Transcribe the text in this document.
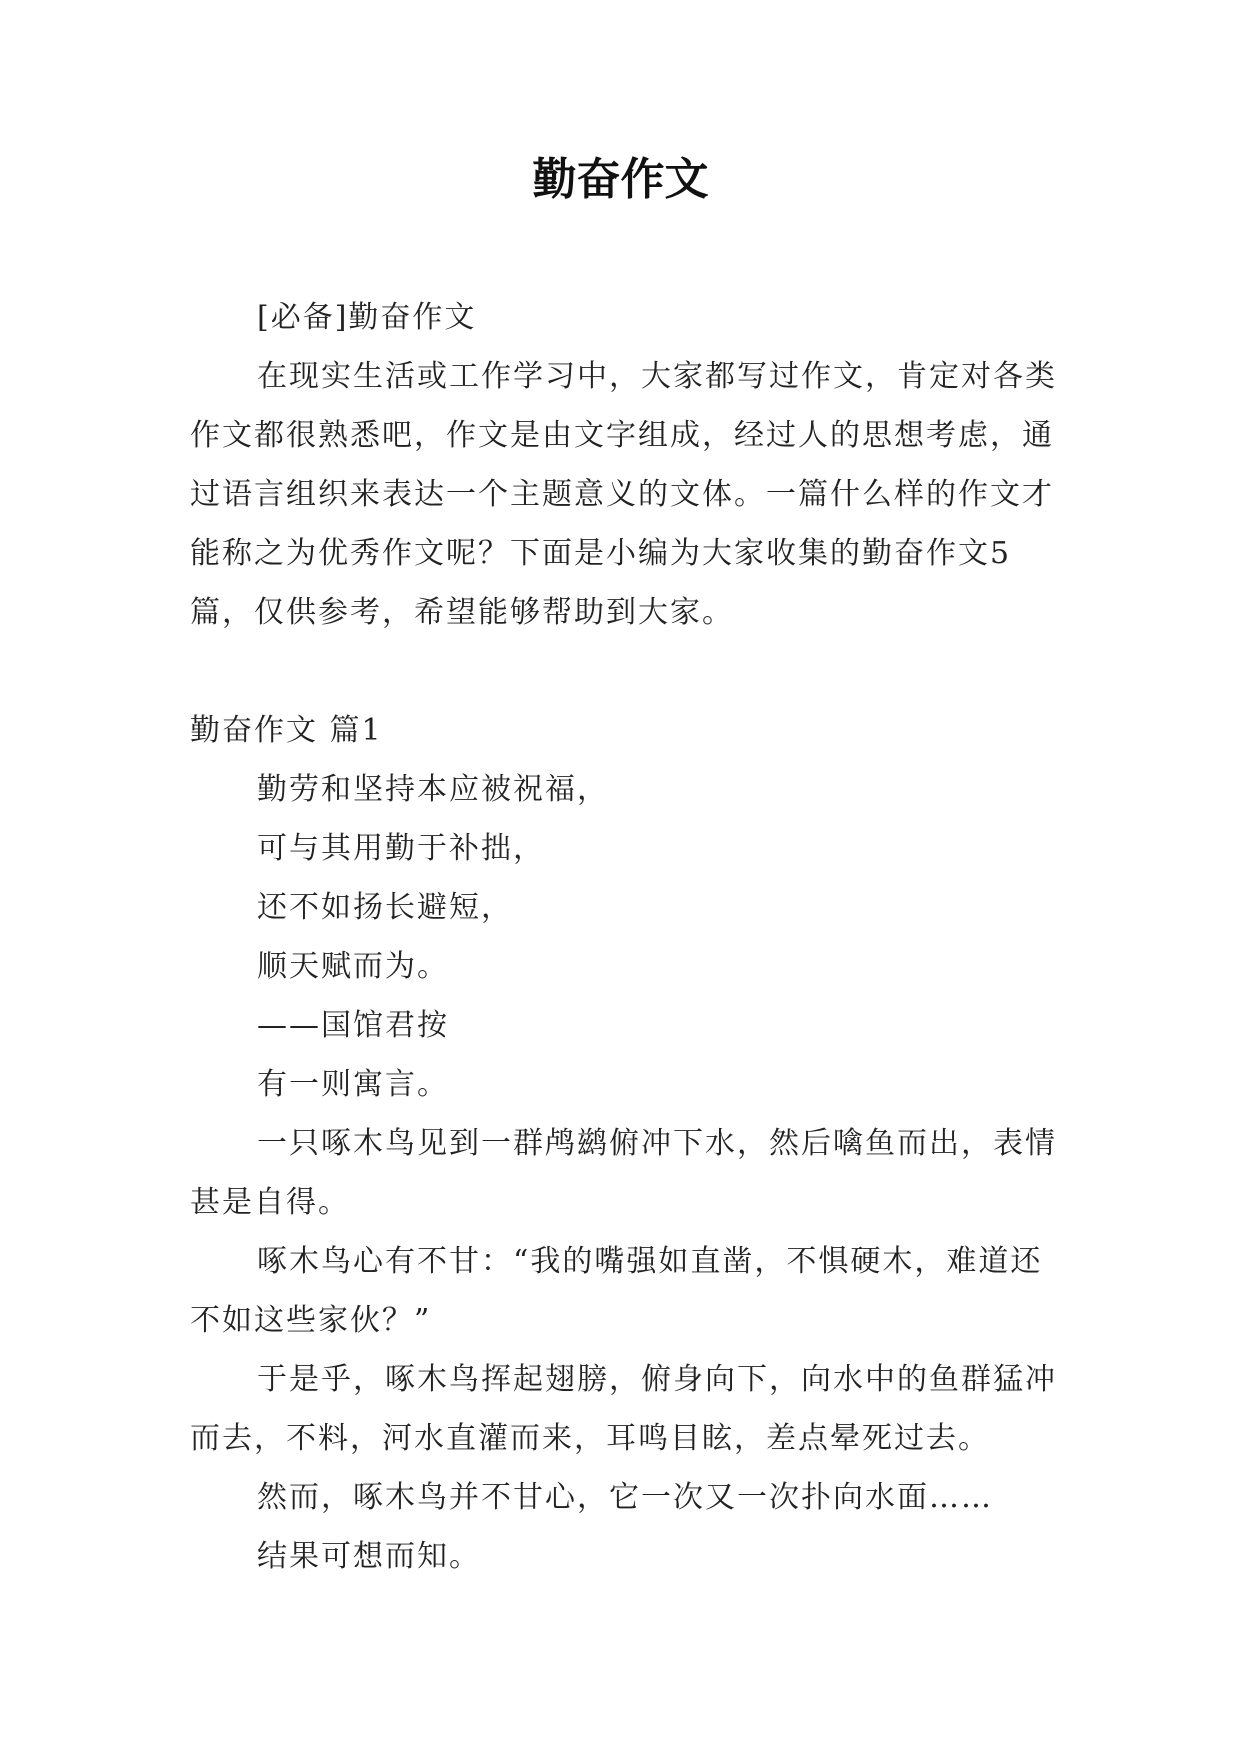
勤奋作文

[必备]勤奋作文

在现实生活或工作学习中，大家都写过作文，肯定对各类作文都很熟悉吧，作文是由文字组成，经过人的思想考虑，通过语言组织来表达一个主题意义的文体。一篇什么样的作文才能称之为优秀作文呢？下面是小编为大家收集的勤奋作文5篇，仅供参考，希望能够帮助到大家。

勤奋作文 篇1

勤劳和坚持本应被祝福，

可与其用勤于补拙，

还不如扬长避短，

顺天赋而为。

——国馆君按

有一则寓言。

一只啄木鸟见到一群鸬鹚俯冲下水，然后噙鱼而出，表情甚是自得。

啄木鸟心有不甘：“我的嘴强如直凿，不惧硬木，难道还不如这些家伙？”

于是乎，啄木鸟挥起翅膀，俯身向下，向水中的鱼群猛冲而去，不料，河水直灌而来，耳鸣目眩，差点晕死过去。

然而，啄木鸟并不甘心，它一次又一次扑向水面……

结果可想而知。
